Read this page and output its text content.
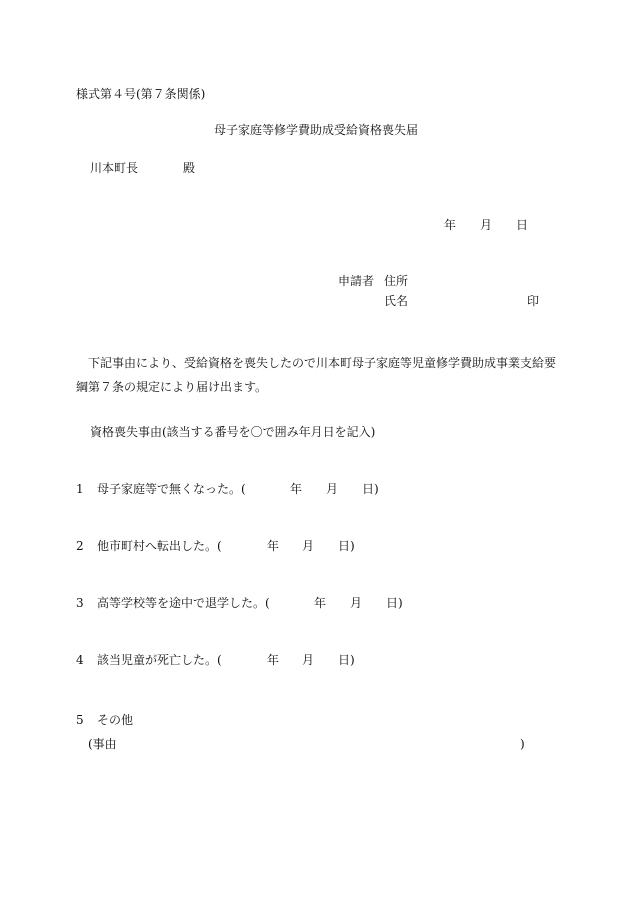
様式第４号(第７条関係)
母子家庭等修学費助成受給資格喪失届
川本町長	殿
年 月 日
申請者 住所
氏名	印
下記事由により、受給資格を喪失したので川本町母子家庭等児童修学費助成事業支給要綱第７条の規定により届け出ます。
資格喪失事由(該当する番号を〇で囲み年月日を記入)
1 母子家庭等で無くなった。(	年 月 日)
2 他市町村へ転出した。(	年 月 日)
3 高等学校等を途中で退学した。(	年 月 日)
4 該当児童が死亡した。(	年 月 日)
5 その他
(事由	)
